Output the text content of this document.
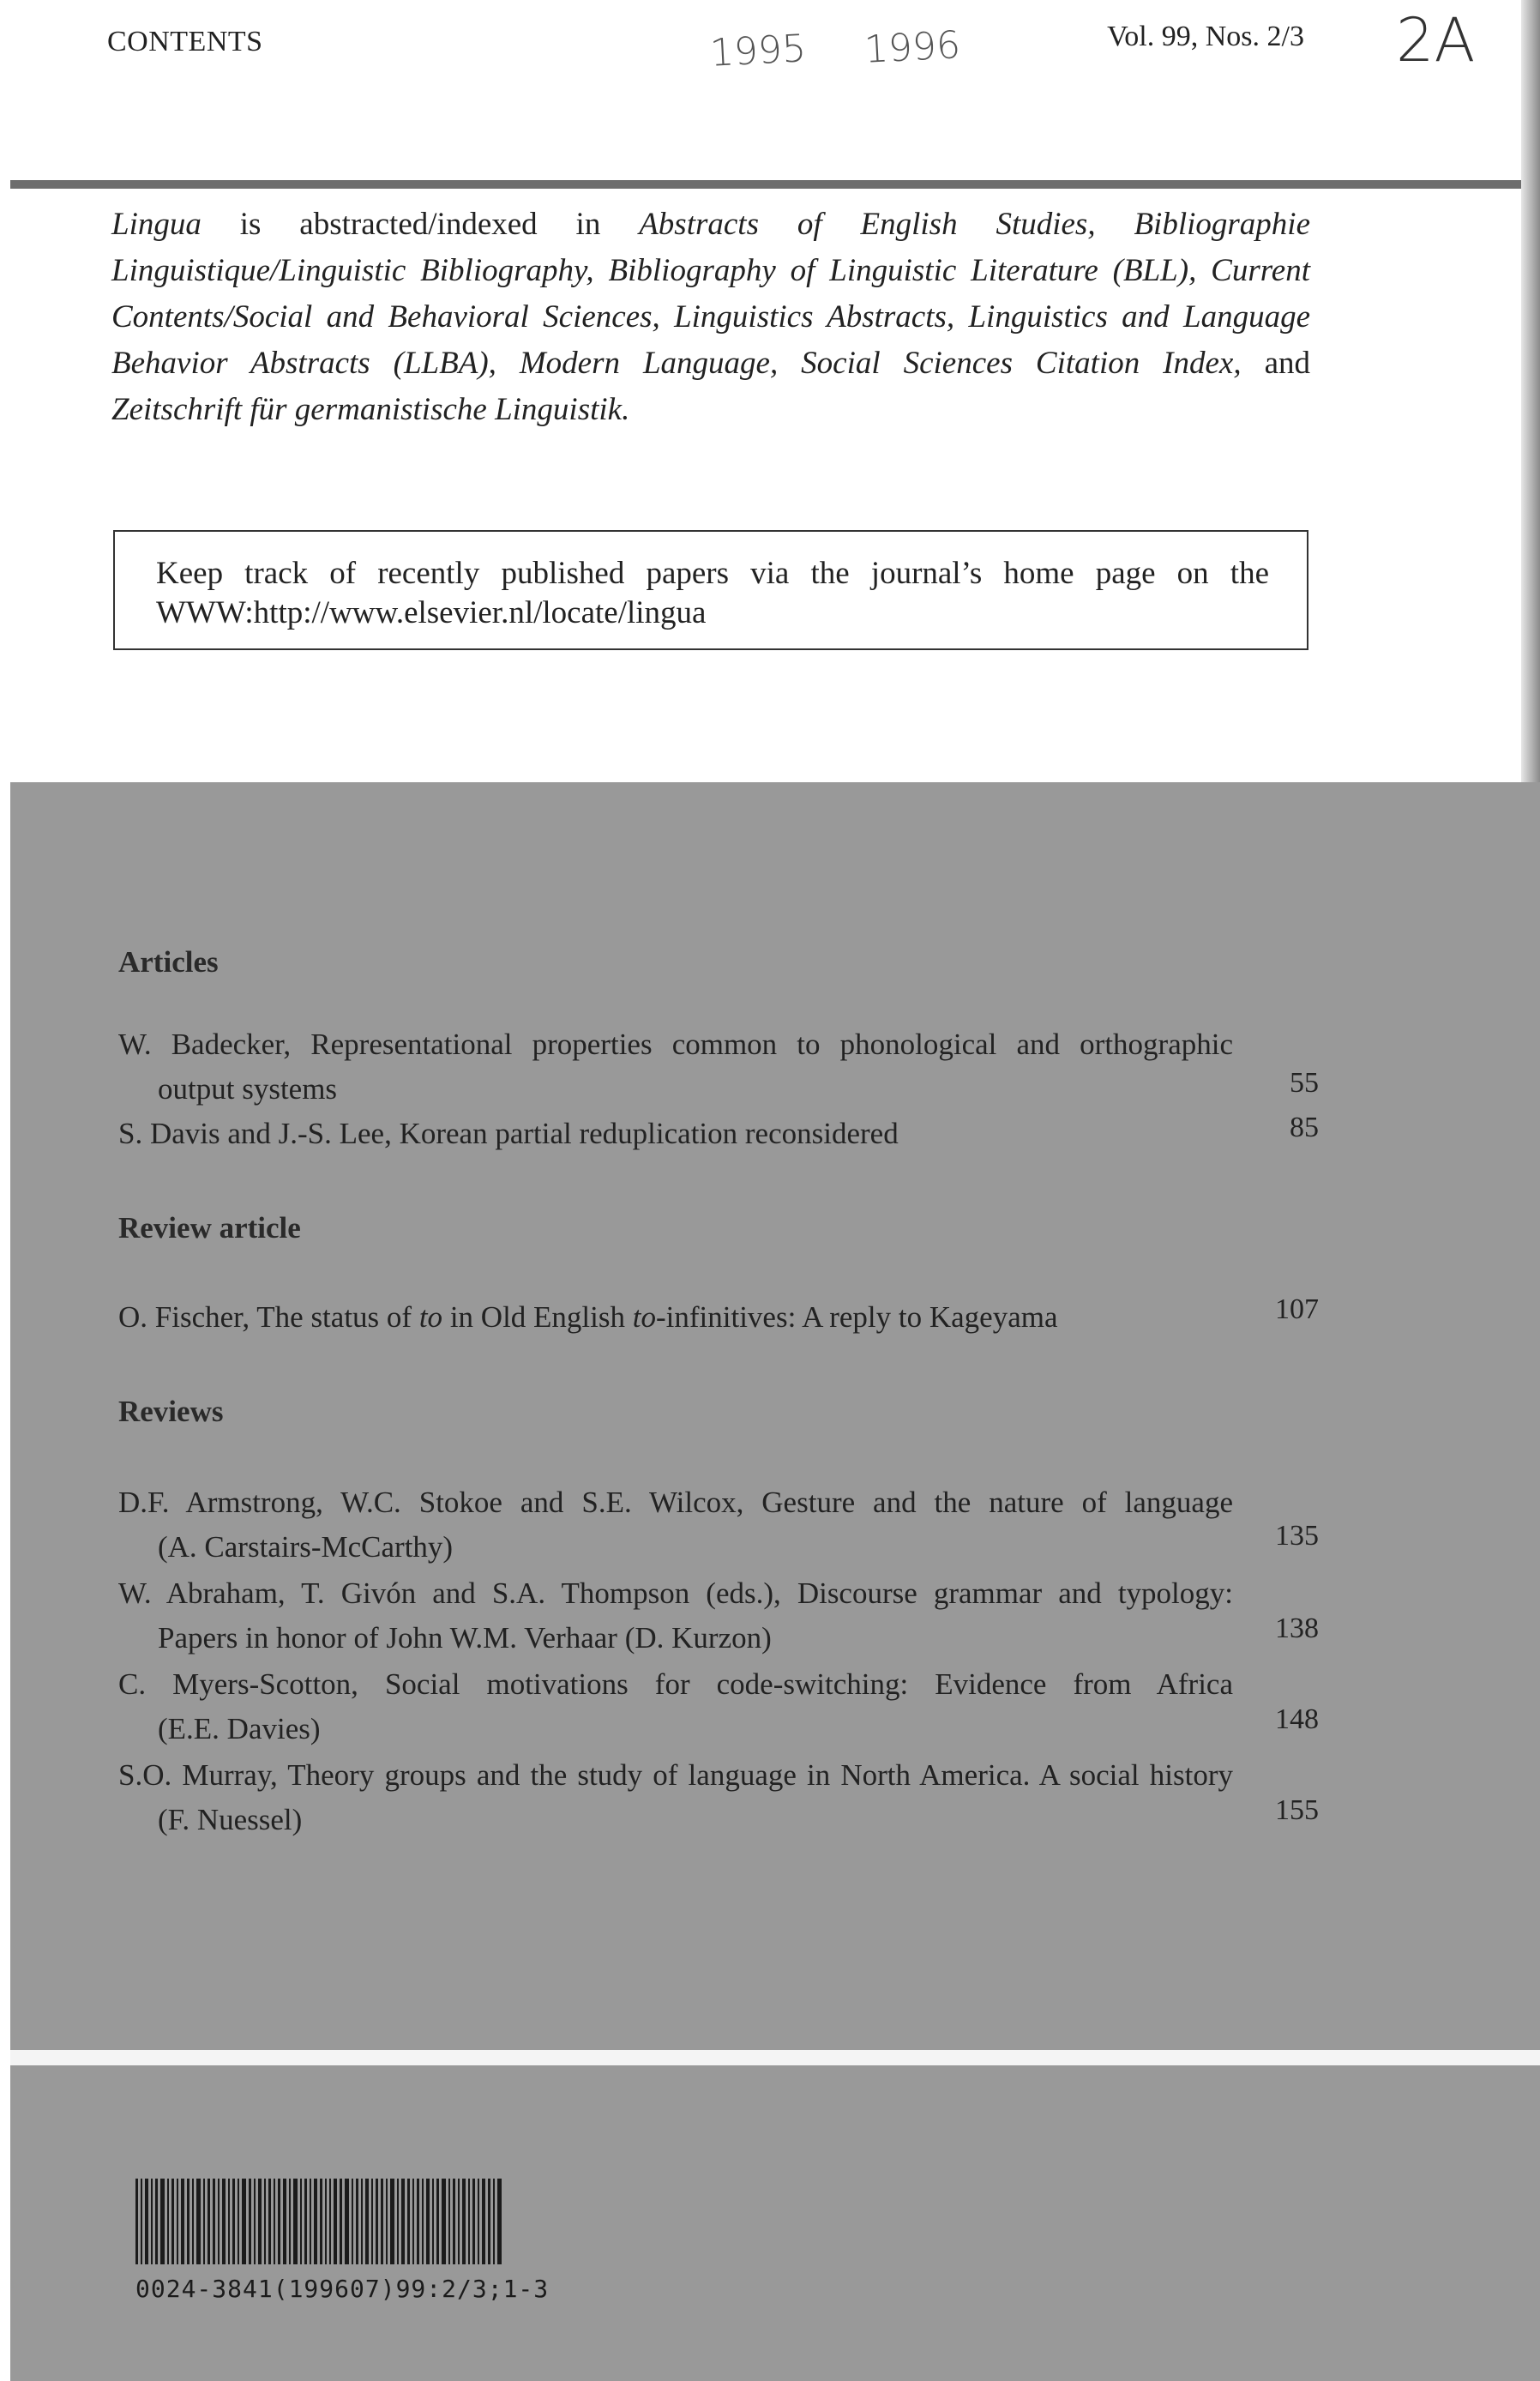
CONTENTS	1995 1996	Vol. 99, Nos. 2/3 2A
Lingua is abstracted/indexed in Abstracts of English Studies, Bibliographie Linguistique/Linguistic Bibliography, Bibliography of Linguistic Literature (BLL), Current Contents/Social and Behavioral Sciences, Linguistics Abstracts, Linguistics and Language Behavior Abstracts (LLBA), Modern Language, Social Sciences Citation Index, and Zeitschrift für germanistische Linguistik.
Keep track of recently published papers via the journal’s home page on the WWW:http://www.elsevier.nl/locate/lingua
Articles
W. Badecker, Representational properties common to phonological and orthographic
output systems	55
S. Davis and J.-S. Lee, Korean partial reduplication reconsidered	85
Review article
O. Fischer, The status of to in Old English to-infinitives: A reply to Kageyama	107
Reviews
D.F. Armstrong, W.C. Stokoe and S.E. Wilcox, Gesture and the nature of language
(A. Carstairs-McCarthy)	135
W. Abraham, T. Givón and S.A. Thompson (eds.), Discourse grammar and typology:
Papers in honor of John W.M. Verhaar (D. Kurzon)	138
C. Myers-Scotton, Social motivations for code-switching: Evidence from Africa
(E.E. Davies)	148
S.O. Murray, Theory groups and the study of language in North America. A social history
(F. Nuessel)	155
0024-3841(199607)99:2/3;1-3
